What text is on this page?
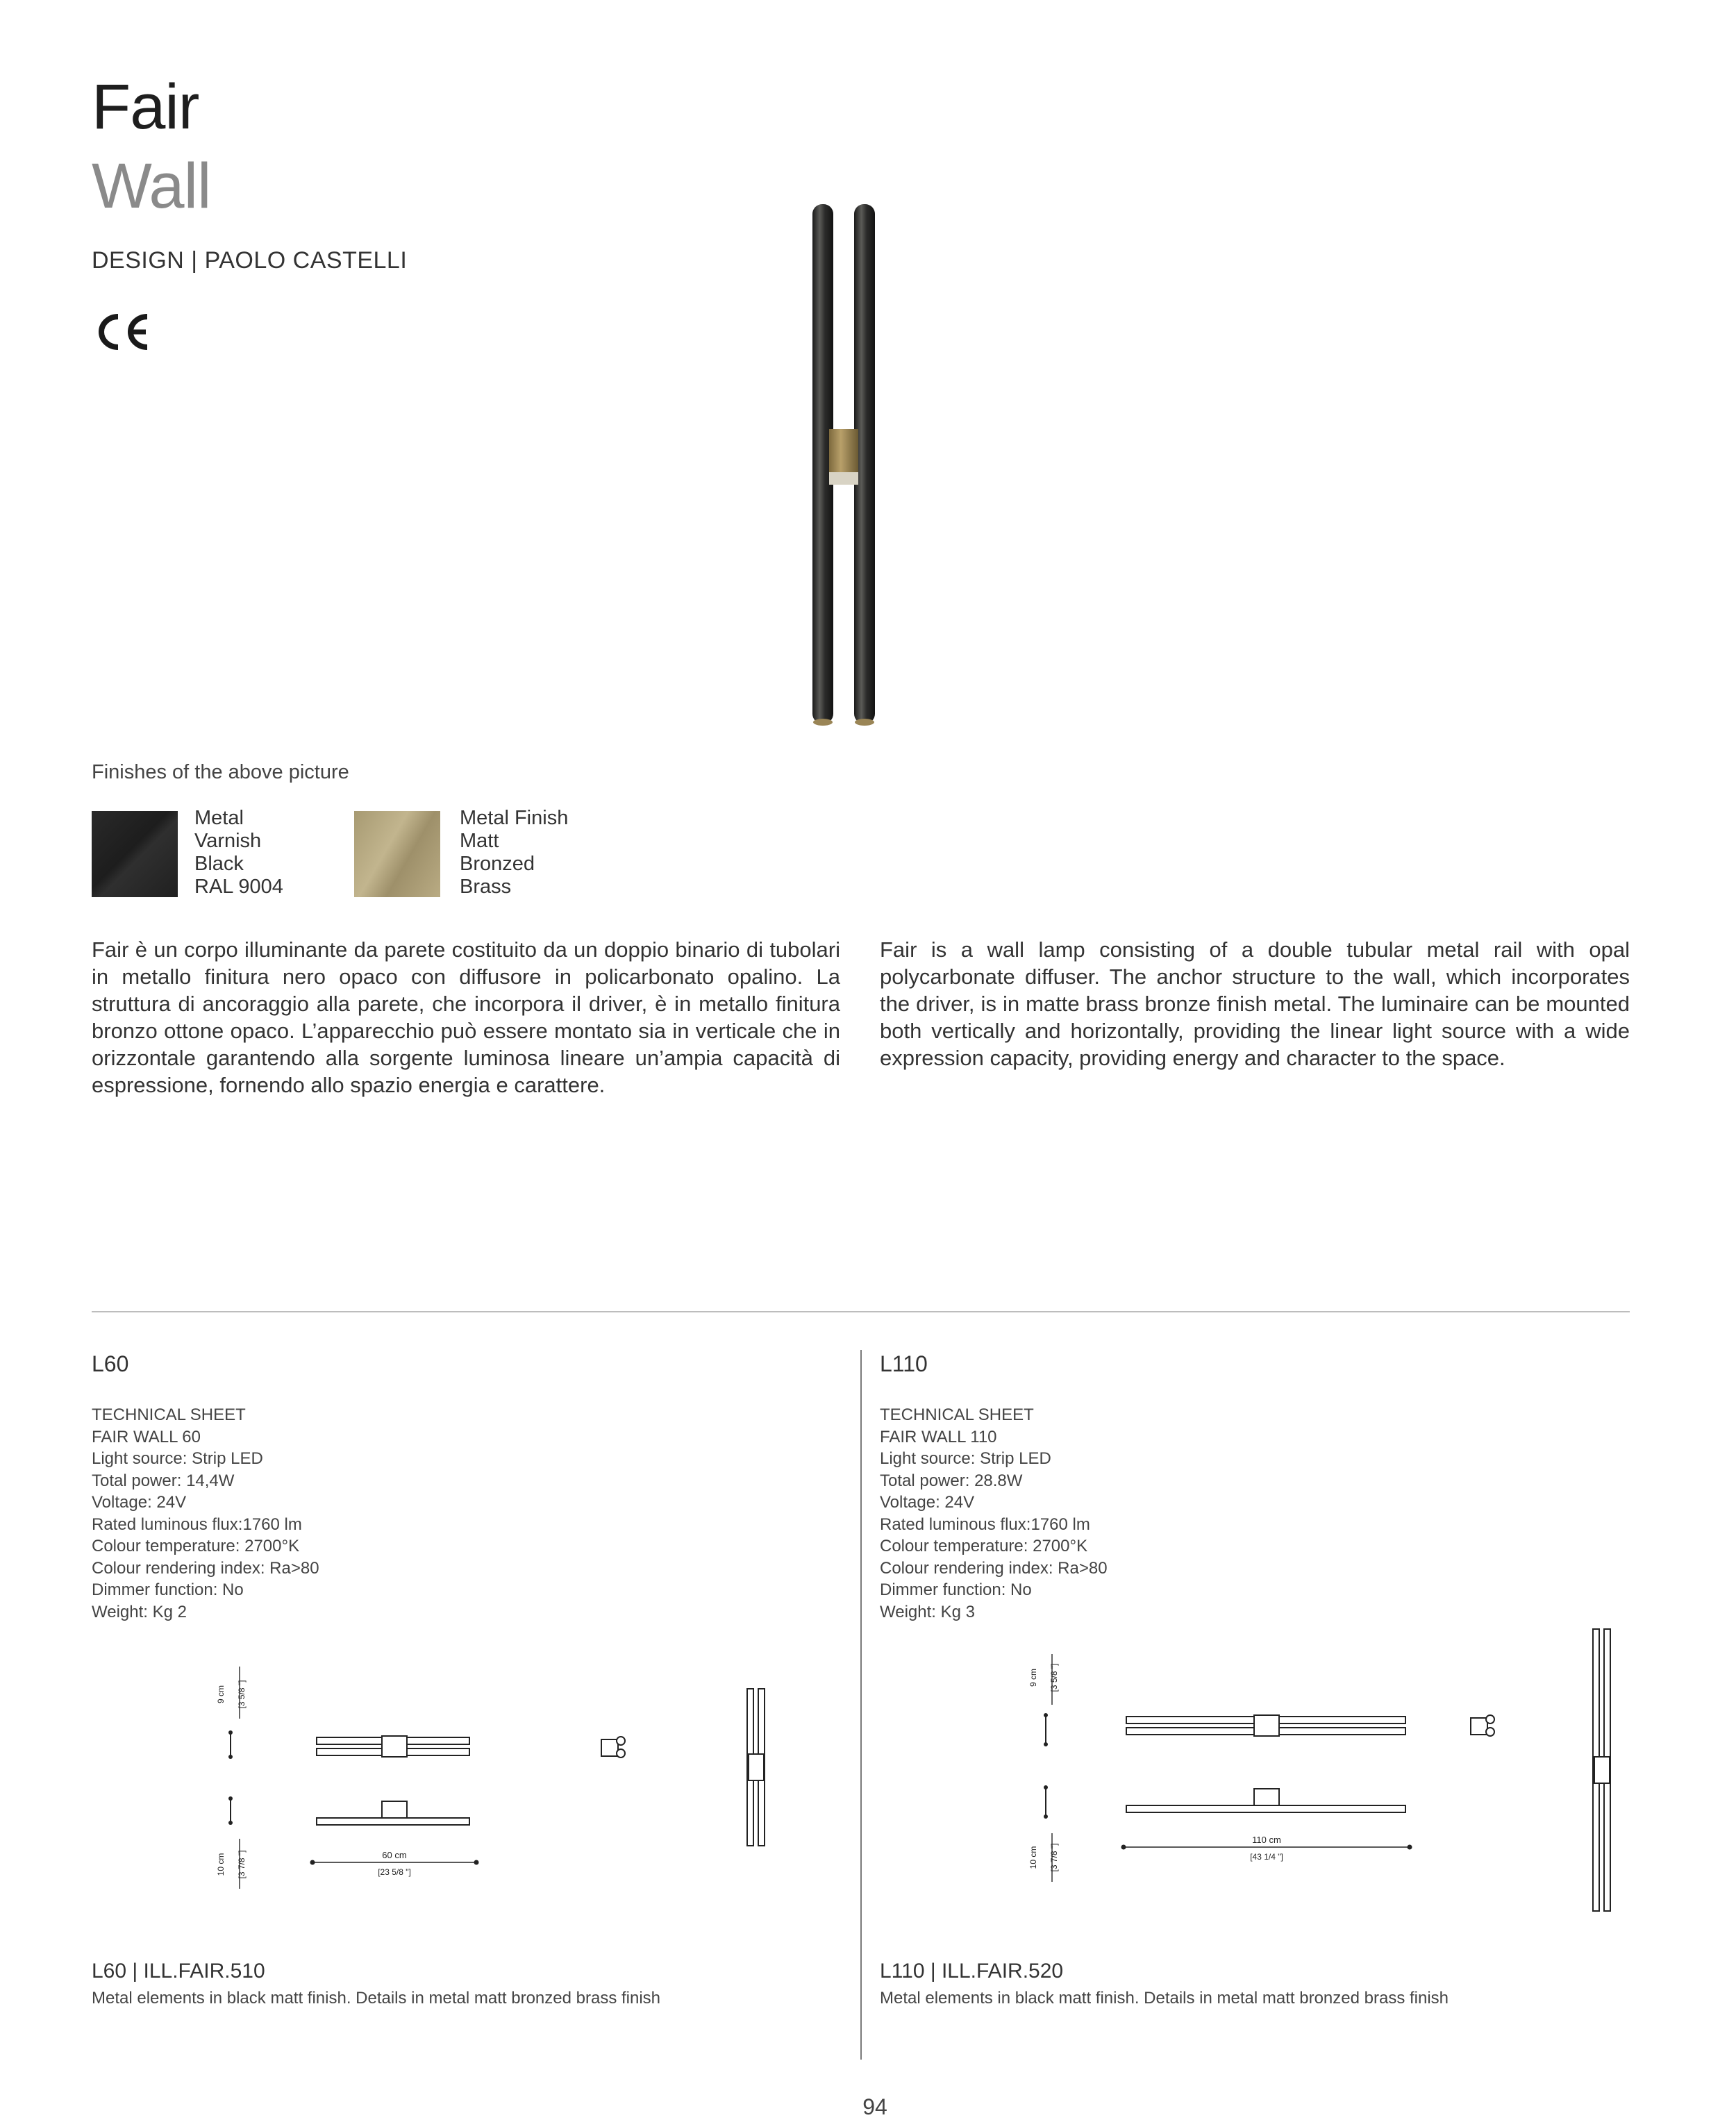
Fair
Wall
DESIGN | PAOLO CASTELLI
Finishes of the above picture
Metal
Varnish
Black
RAL 9004
Metal Finish
Matt
Bronzed
Brass
Fair è un corpo illuminante da parete costituito da un doppio binario di tubolari in metallo finitura nero opaco con diffusore in policarbonato opalino. La struttura di ancoraggio alla parete, che incorpora il driver, è in metallo finitura bronzo ottone opaco. L’apparecchio può essere montato sia in verticale che in orizzontale garantendo alla sorgente luminosa lineare un’ampia capacità di espressione, fornendo allo spazio energia e carattere.
Fair is a wall lamp consisting of a double tubular metal rail with opal polycarbonate diffuser. The anchor structure to the wall, which incorporates the driver, is in matte brass bronze finish metal. The luminaire can be mounted both vertically and horizontally, providing the linear light source with a wide expression capacity, providing energy and character to the space.
L60
TECHNICAL SHEET
FAIR WALL 60
Light source: Strip LED
Total power: 14,4W
Voltage: 24V
Rated luminous flux:1760 lm
Colour temperature: 2700°K
Colour rendering index: Ra>80
Dimmer function: No
Weight: Kg 2
9 cm [3 5/8 "]
10 cm [3 7/8 "]	60 cm
[23 5/8 "]
L60 | ILL.FAIR.510
Metal elements in black matt finish. Details in metal matt bronzed brass finish
L110
TECHNICAL SHEET
FAIR WALL 110
Light source: Strip LED
Total power: 28.8W
Voltage: 24V
Rated luminous flux:1760 lm
Colour temperature: 2700°K
Colour rendering index: Ra>80
Dimmer function: No
Weight: Kg 3
9 cm [3 5/8 "]
10 cm [3 7/8 "]
110 cm
[43 1/4 "]
L110 | ILL.FAIR.520
Metal elements in black matt finish. Details in metal matt bronzed brass finish
94
